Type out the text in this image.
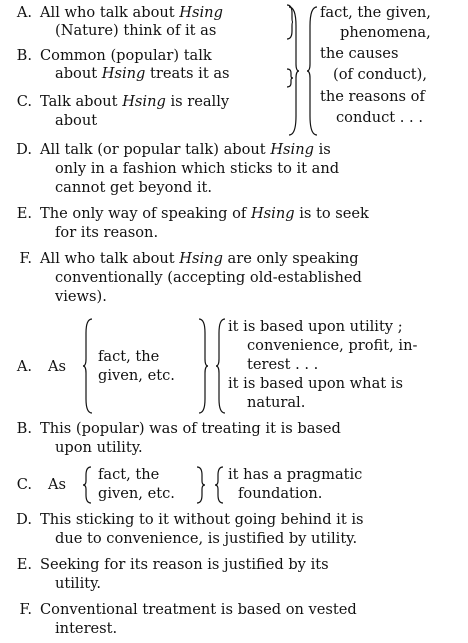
A. All who talk about Hsing
(Nature) think of it as
B. Common (popular) talk
about Hsing treats it as
C. Talk about Hsing is really
about
fact, the given,
phenomena,
the causes
(of conduct),
the reasons of
conduct . . .
D. All talk (or popular talk) about Hsing is
only in a fashion which sticks to it and
cannot get beyond it.
E. The only way of speaking of Hsing is to seek
for its reason.
F. All who talk about Hsing are only speaking
conventionally (accepting old-established
views).
A. As
fact, the
given, etc.
it is based upon utility ;
convenience, profit, in-
terest . . .
it is based upon what is
natural.
B. This (popular) was of treating it is based
upon utility.
C. As
fact, the
given, etc.
it has a pragmatic
foundation.
D. This sticking to it without going behind it is
due to convenience, is justified by utility.
E. Seeking for its reason is justified by its
utility.
F. Conventional treatment is based on vested
interest.
